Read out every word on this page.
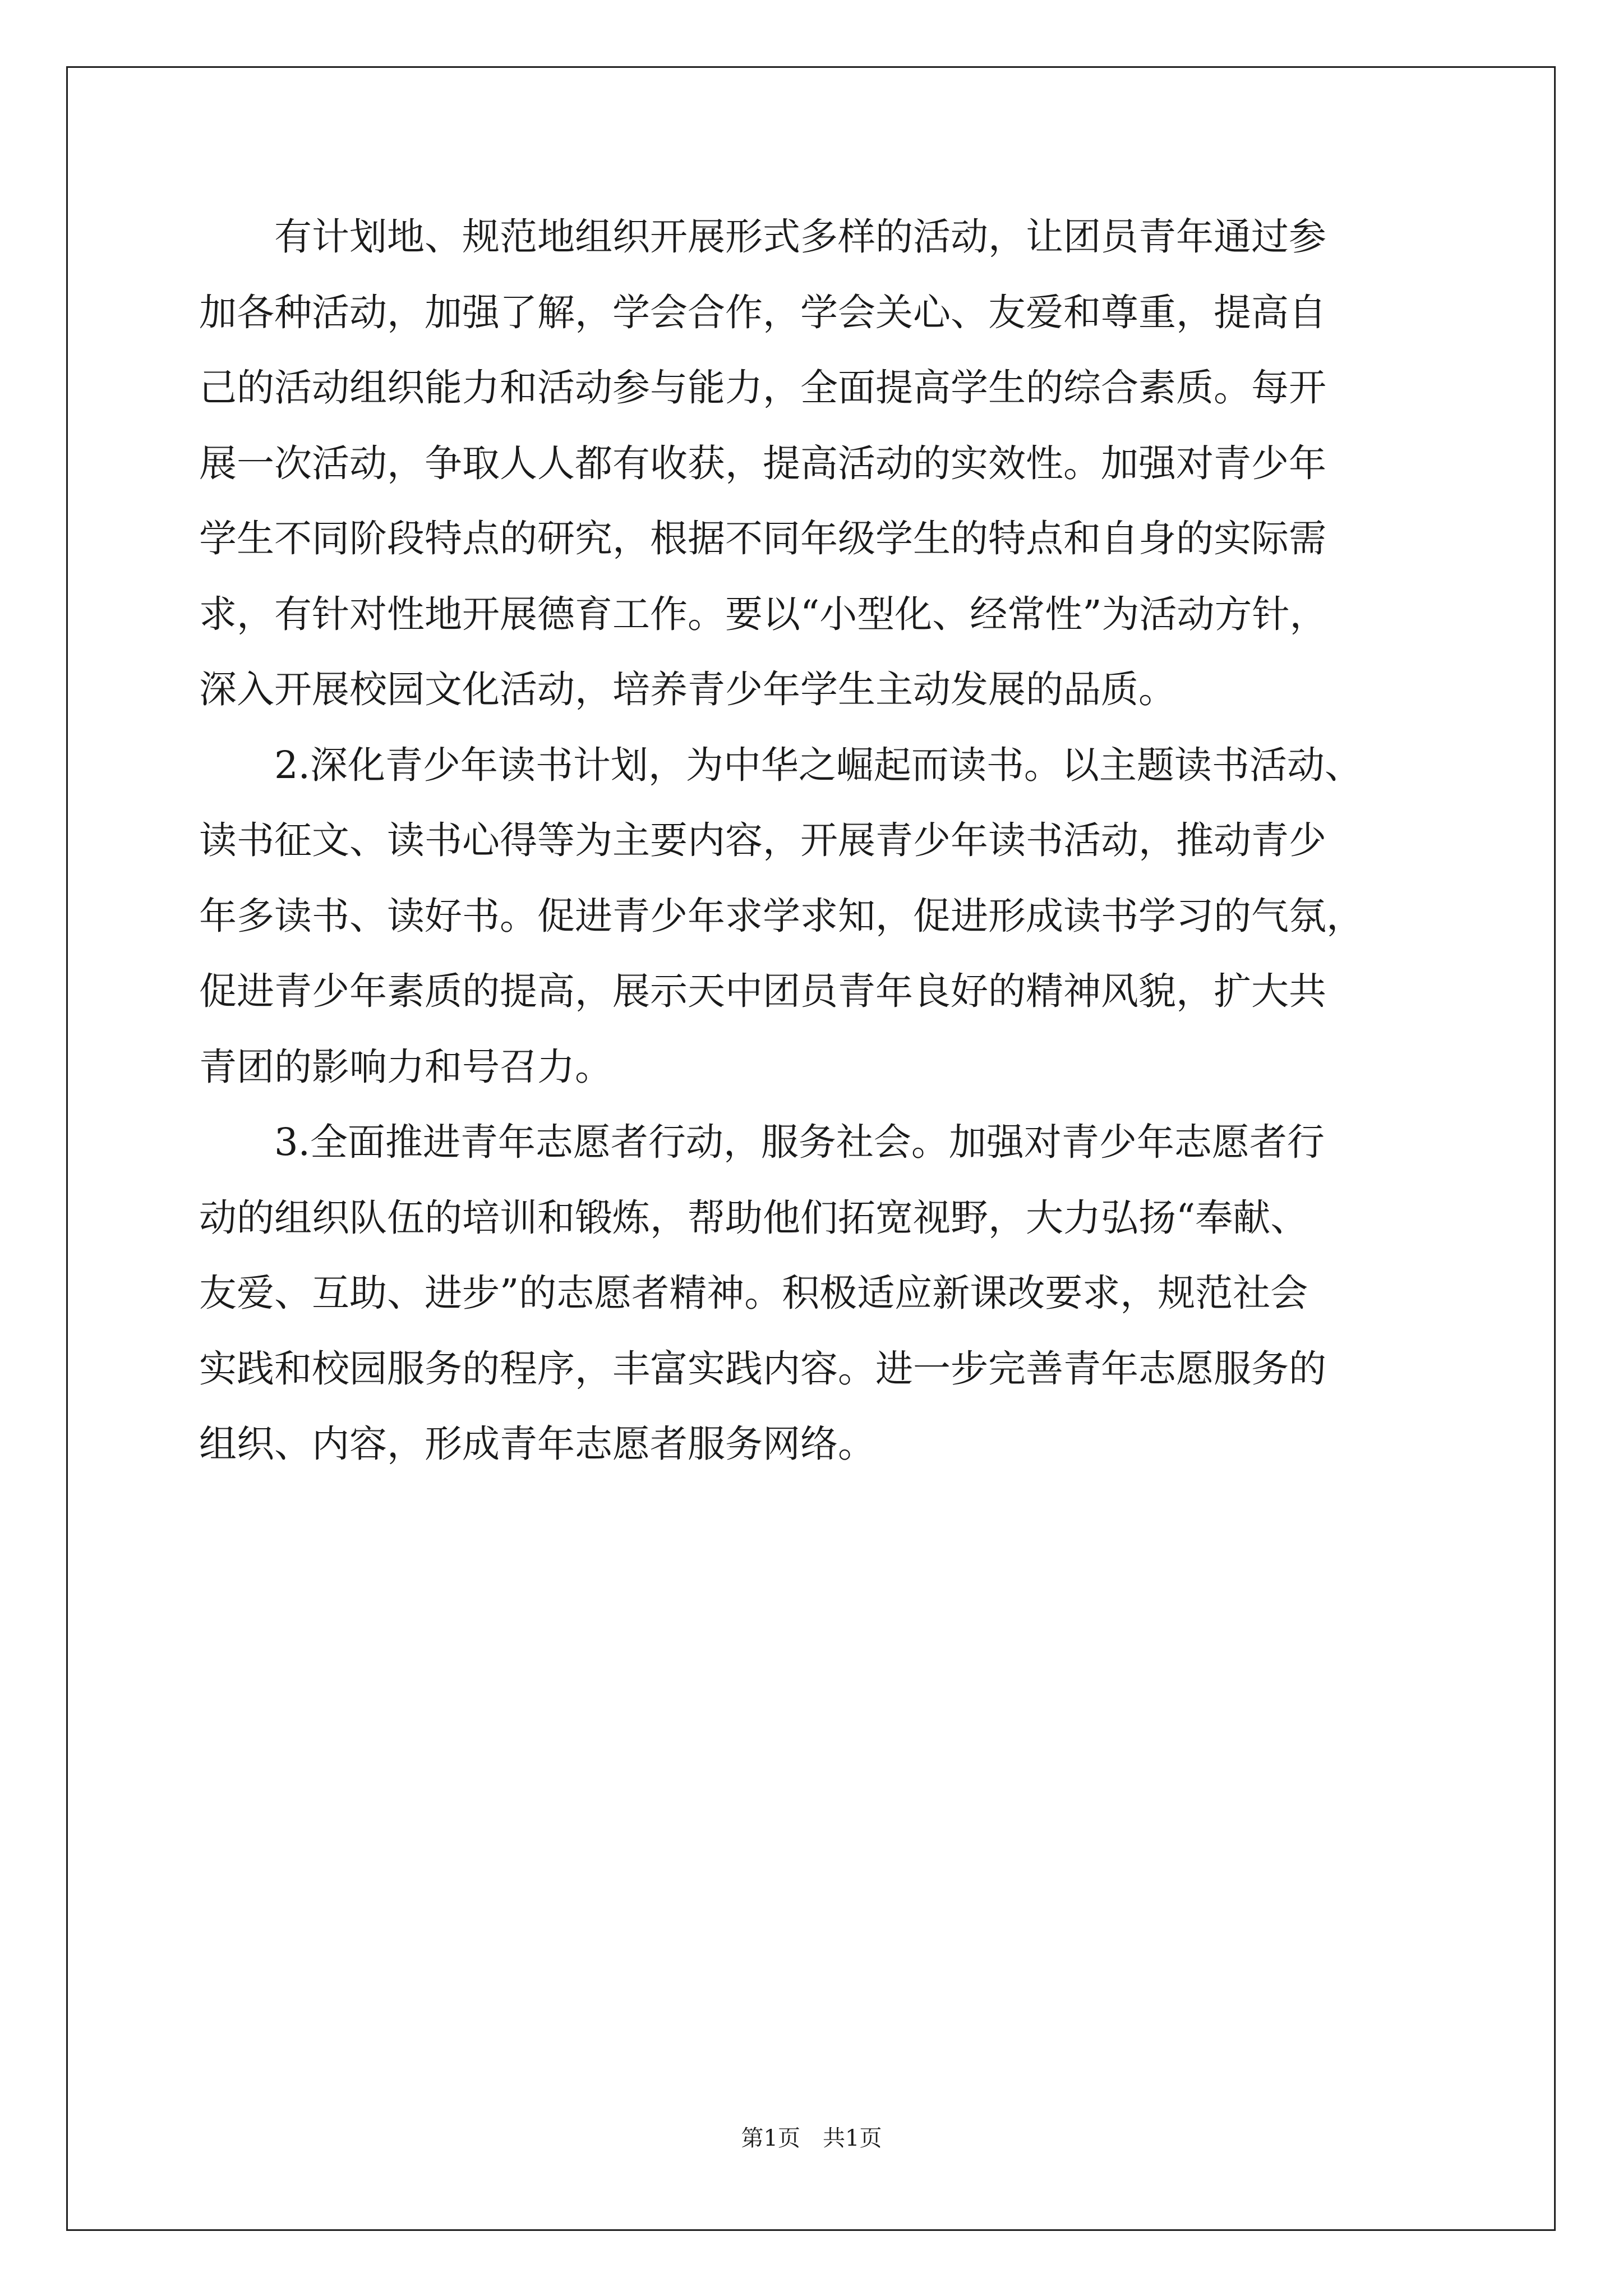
有计划地、规范地组织开展形式多样的活动，让团员青年通过参
加各种活动，加强了解，学会合作，学会关心、友爱和尊重，提高自
己的活动组织能力和活动参与能力，全面提高学生的综合素质。每开
展一次活动，争取人人都有收获，提高活动的实效性。加强对青少年
学生不同阶段特点的研究，根据不同年级学生的特点和自身的实际需
求，有针对性地开展德育工作。要以“小型化、经常性”为活动方针，
深入开展校园文化活动，培养青少年学生主动发展的品质。

2.深化青少年读书计划，为中华之崛起而读书。以主题读书活动、
读书征文、读书心得等为主要内容，开展青少年读书活动，推动青少
年多读书、读好书。促进青少年求学求知，促进形成读书学习的气氛，
促进青少年素质的提高，展示天中团员青年良好的精神风貌，扩大共
青团的影响力和号召力。

3.全面推进青年志愿者行动，服务社会。加强对青少年志愿者行
动的组织队伍的培训和锻炼，帮助他们拓宽视野，大力弘扬“奉献、
友爱、互助、进步”的志愿者精神。积极适应新课改要求，规范社会
实践和校园服务的程序，丰富实践内容。进一步完善青年志愿服务的
组织、内容，形成青年志愿者服务网络。

第1页 共1页
